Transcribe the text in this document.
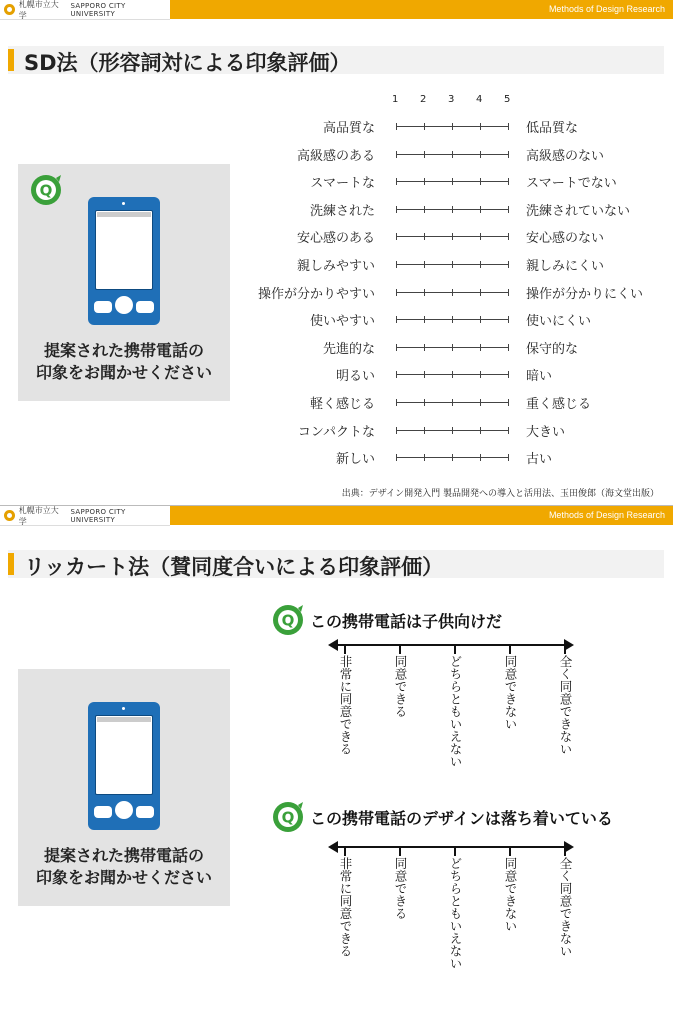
札幌市立大学
SAPPORO CITY UNIVERSITY	Methods of Design Research
SD法（形容詞対による印象評価）
Q
提案された携帯電話の
印象をお聞かせください
1 2 3 4 5
出典：デザイン開発入門 製品開発への導入と活用法、玉田俊郎（海文堂出版）
高品質な	低品質な
高級感のある	高級感のない
スマートな	スマートでない
洗練された	洗練されていない
安心感のある	安心感のない
親しみやすい	親しみにくい
操作が分かりやすい	操作が分かりにくい
使いやすい	使いにくい
先進的な	保守的な
明るい	暗い
軽く感じる	重く感じる
コンパクトな	大きい
新しい	古い
札幌市立大学
SAPPORO CITY UNIVERSITY	Methods of Design Research
リッカート法（賛同度合いによる印象評価）
提案された携帯電話の
印象をお聞かせください
Q この携帯電話は子供向けだ
非常に同意できる	同意できる	どちらともいえない	同意できない	全く同意できない
Q この携帯電話のデザインは落ち着いている
非常に同意できる	同意できる	どちらともいえない	同意できない	全く同意できない
